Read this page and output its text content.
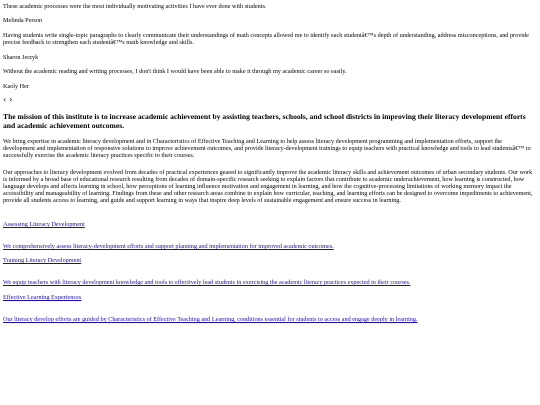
These academic processes were the most individually motivating activities I have ever done with students.

Melinda Person

Having students write single-topic paragraphs to clearly communicate their understandings of math concepts allowed me to identify each studentâ€™s depth of understanding, address misconceptions, and provide precise feedback to strengthen each studentâ€™s math knowledge and skills.

Sharon Jerzyk

Without the academic reading and writing processes, I don't think I would have been able to make it through my academic career so easily.

Kaoly Her

‹ ›

The mission of this institute is to increase academic achievement by assisting teachers, schools, and school districts in improving their literacy development efforts and academic achievement outcomes.

We bring expertise in academic literacy development and in Characteristics of Effective Teaching and Learning to help assess literacy development programming and implementation efforts, support the development and implementation of responsive solutions to improve achievement outcomes, and provide literacy-development trainings to equip teachers with practical knowledge and tools to lead studentsâ€™ to successfully exercise the academic literacy practices specific to their courses.

Our approaches to literacy development evolved from decades of practical experiences geared to significantly improve the academic literacy skills and achievement outcomes of urban secondary students. Our work is informed by a broad base of educational research resulting from decades of domain-specific research seeking to explain factors that contribute to academic underachievement, how learning is constructed, how language develops and affects learning in school, how perceptions of learning influence motivation and engagement in learning, and how the cognitive-processing limitations of working memory impact the accessibility and manageability of learning. Findings from these and other research areas combine to explain how curricular, teaching, and learning efforts can be designed to overcome impediments to achievement, provide all students access to learning, and guide and support learning in ways that inspire deep levels of sustainable engagement and ensure success in learning.

Assessing Literacy Development
We comprehensively assess literacy-development efforts and support planning and implementation for improved academic outcomes.
Training Literacy Development
We equip teachers with literacy development knowledge and tools to effectively lead students in exercising the academic literacy practices expected in their courses.
Effective Learning Experiences
Our literacy develop efforts are guided by Characteristics of Effective Teaching and Learning, conditions essential for students to access and engage deeply in learning.
